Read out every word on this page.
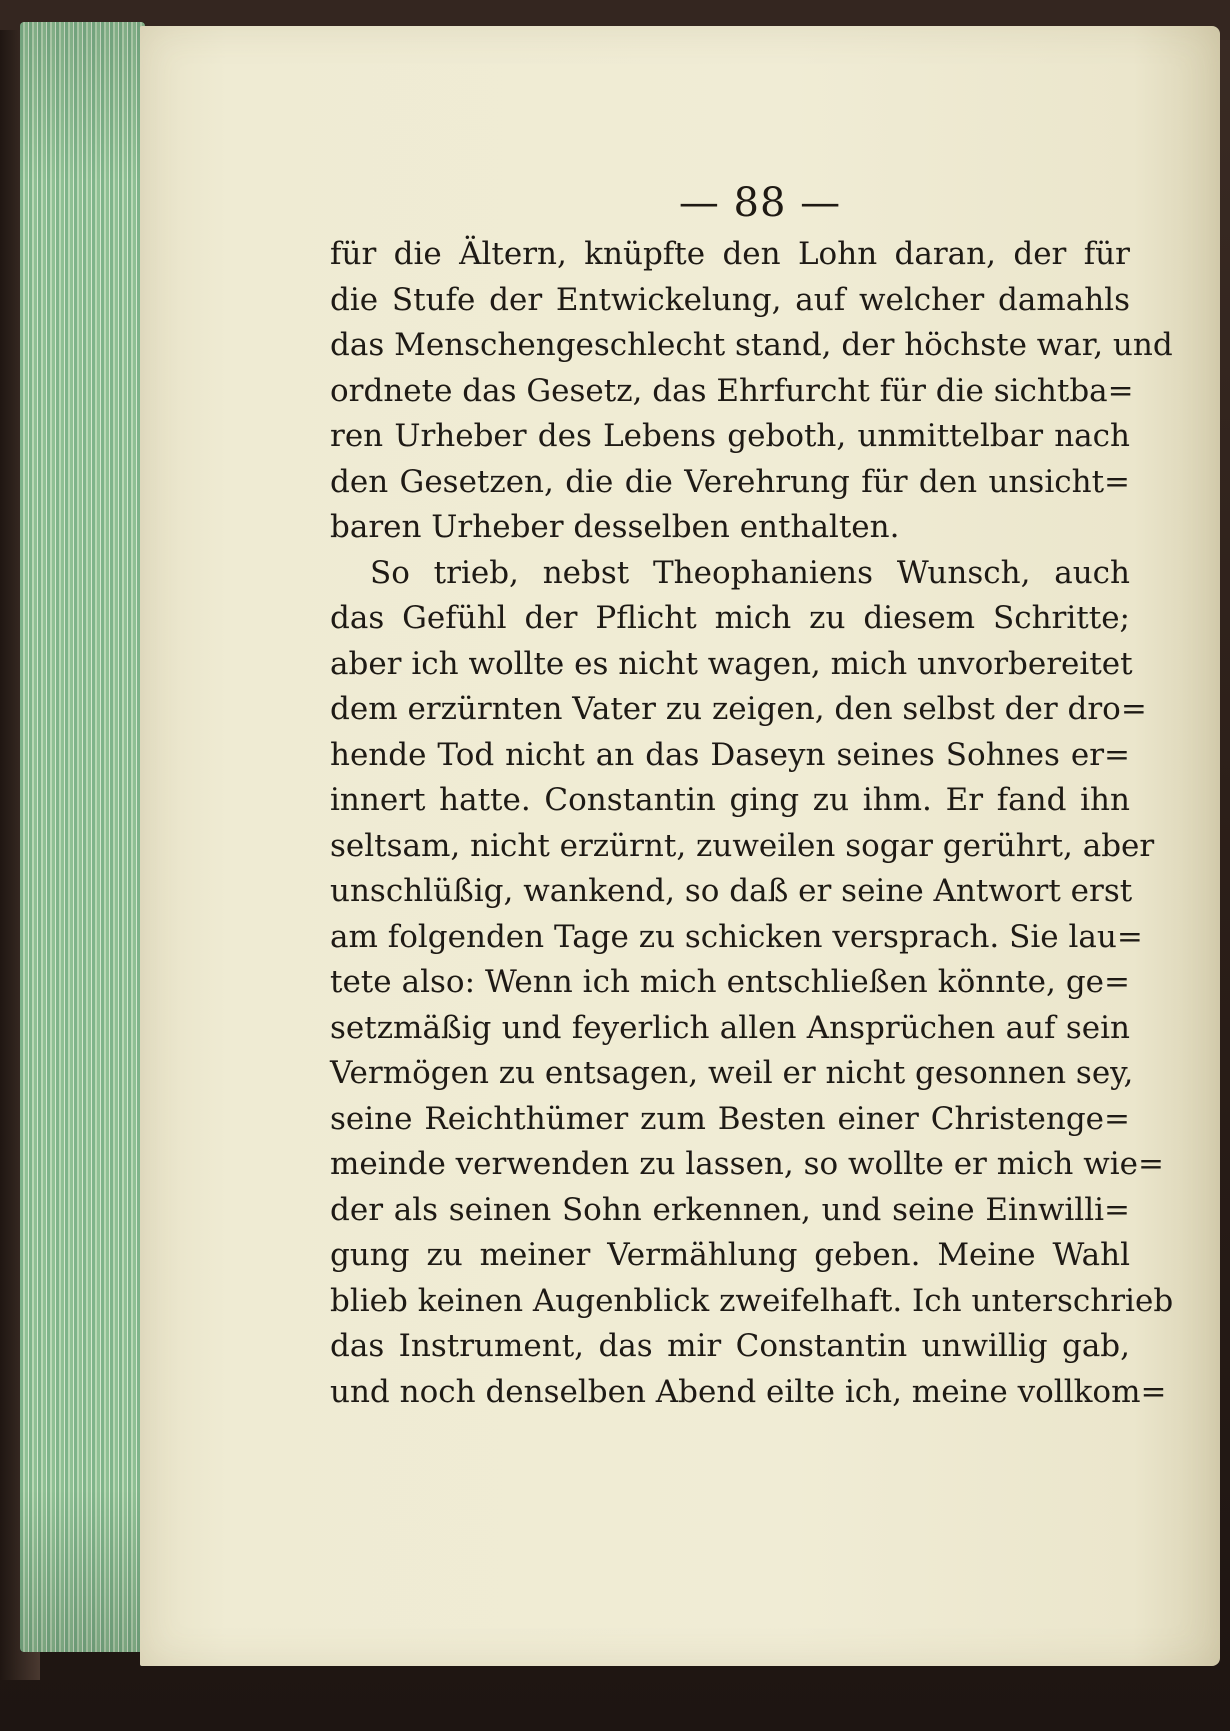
— 88 —
für die Ältern, knüpfte den Lohn daran, der für
die Stufe der Entwickelung, auf welcher damahls
das Menschengeschlecht stand, der höchste war, und
ordnete das Gesetz, das Ehrfurcht für die sichtba=
ren Urheber des Lebens geboth, unmittelbar nach
den Gesetzen, die die Verehrung für den unsicht=
baren Urheber desselben enthalten.
So trieb, nebst Theophaniens Wunsch, auch
das Gefühl der Pflicht mich zu diesem Schritte;
aber ich wollte es nicht wagen, mich unvorbereitet
dem erzürnten Vater zu zeigen, den selbst der dro=
hende Tod nicht an das Daseyn seines Sohnes er=
innert hatte. Constantin ging zu ihm. Er fand ihn
seltsam, nicht erzürnt, zuweilen sogar gerührt, aber
unschlüßig, wankend, so daß er seine Antwort erst
am folgenden Tage zu schicken versprach. Sie lau=
tete also: Wenn ich mich entschließen könnte, ge=
setzmäßig und feyerlich allen Ansprüchen auf sein
Vermögen zu entsagen, weil er nicht gesonnen sey,
seine Reichthümer zum Besten einer Christenge=
meinde verwenden zu lassen, so wollte er mich wie=
der als seinen Sohn erkennen, und seine Einwilli=
gung zu meiner Vermählung geben. Meine Wahl
blieb keinen Augenblick zweifelhaft. Ich unterschrieb
das Instrument, das mir Constantin unwillig gab,
und noch denselben Abend eilte ich, meine vollkom=
